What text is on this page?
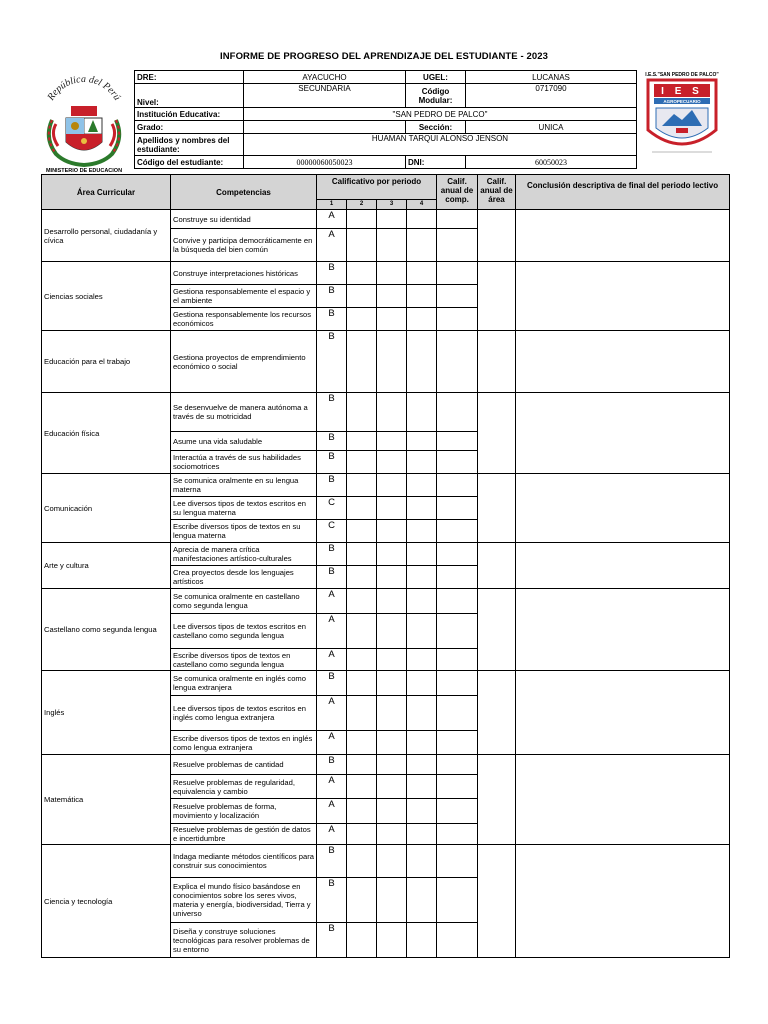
INFORME DE PROGRESO DEL APRENDIZAJE DEL ESTUDIANTE - 2023
República del Perú
MINISTERIO DE EDUCACION
I.E.S."SAN PEDRO DE PALCO"
I E S
AGROPECUARIO
DRE:	AYACUCHO	UGEL:	LUCANAS
Nivel:	SECUNDARIA	Código Modular:	0717090
Institución Educativa:	"SAN PEDRO DE PALCO"		
Grado:		Sección:	UNICA
Apellidos y nombres del estudiante:	HUAMAN TARQUI ALONSO JENSON		
Código del estudiante:	00000060050023	DNI:	60050023
Área Curricular	Competencias	Calificativo por periodo				Calif. anual de comp.	Calif. anual de área	Conclusión descriptiva de final del periodo lectivo
		1	2	3	4			
Desarrollo personal, ciudadanía y cívica	Construye su identidad	A						
	Convive y participa democráticamente en la búsqueda del bien común	A						
Ciencias sociales	Construye interpretaciones históricas	B						
	Gestiona responsablemente el espacio y el ambiente	B						
	Gestiona responsablemente los recursos económicos	B						
Educación para el trabajo	Gestiona proyectos de emprendimiento económico o social	B						
Educación física	Se desenvuelve de manera autónoma a través de su motricidad	B						
	Asume una vida saludable	B						
	Interactúa a través de sus habilidades sociomotrices	B						
Comunicación	Se comunica oralmente en su lengua materna	B						
	Lee diversos tipos de textos escritos en su lengua materna	C						
	Escribe diversos tipos de textos en su lengua materna	C						
Arte y cultura	Aprecia de manera crítica manifestaciones artístico-culturales	B						
	Crea proyectos desde los lenguajes artísticos	B						
Castellano como segunda lengua	Se comunica oralmente en castellano como segunda lengua	A						
	Lee diversos tipos de textos escritos en castellano como segunda lengua	A						
	Escribe diversos tipos de textos en castellano como segunda lengua	A						
Inglés	Se comunica oralmente en inglés como lengua extranjera	B						
	Lee diversos tipos de textos escritos en inglés como lengua extranjera	A						
	Escribe diversos tipos de textos en inglés como lengua extranjera	A						
Matemática	Resuelve problemas de cantidad	B						
	Resuelve problemas de regularidad, equivalencia y cambio	A						
	Resuelve problemas de forma, movimiento y localización	A						
	Resuelve problemas de gestión de datos e incertidumbre	A						
Ciencia y tecnología	Indaga mediante métodos científicos para construir sus conocimientos	B						
	Explica el mundo físico basándose en conocimientos sobre los seres vivos, materia y energía, biodiversidad, Tierra y universo	B						
	Diseña y construye soluciones tecnológicas para resolver problemas de su entorno	B						
